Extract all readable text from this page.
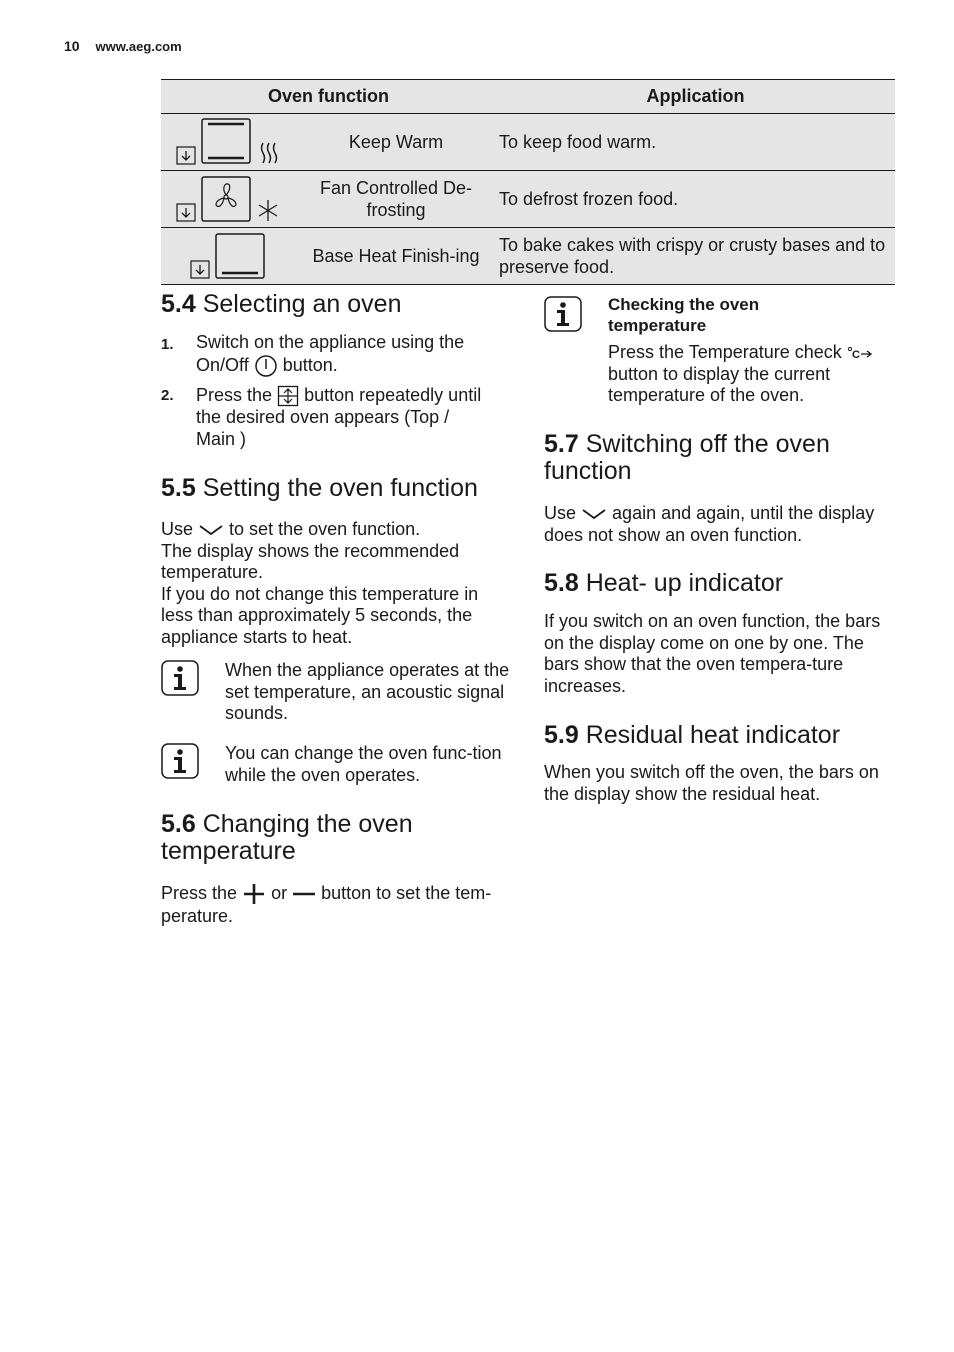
10 www.aeg.com
Oven function		Application

	Keep Warm	To keep food warm.

	Fan Controlled De-frosting	To defrost frozen food.

	Base Heat Finish-ing	To bake cakes with crispy or crusty bases and to preserve food.
5.4 Selecting an oven
1. Switch on the appliance using the
On/Off button.
2. Press the button repeatedly until
the desired oven appears (Top /
Main )
5.5 Setting the oven function
Use to set the oven function.
The display shows the recommended temperature.
If you do not change this temperature in less than approximately 5 seconds, the appliance starts to heat.
When the appliance operates at the set temperature, an acoustic signal sounds.
You can change the oven func-tion while the oven operates.
5.6 Changing the oven
temperature
Press the or button to set the tem-
perature.
Checking the oven
temperature
Press the Temperature check C
button to display the current temperature of the oven.
5.7 Switching off the oven
function
Use again and again, until the display
does not show an oven function.
5.8 Heat- up indicator
If you switch on an oven function, the bars on the display come on one by one. The bars show that the oven tempera-ture increases.
5.9 Residual heat indicator
When you switch off the oven, the bars on the display show the residual heat.
